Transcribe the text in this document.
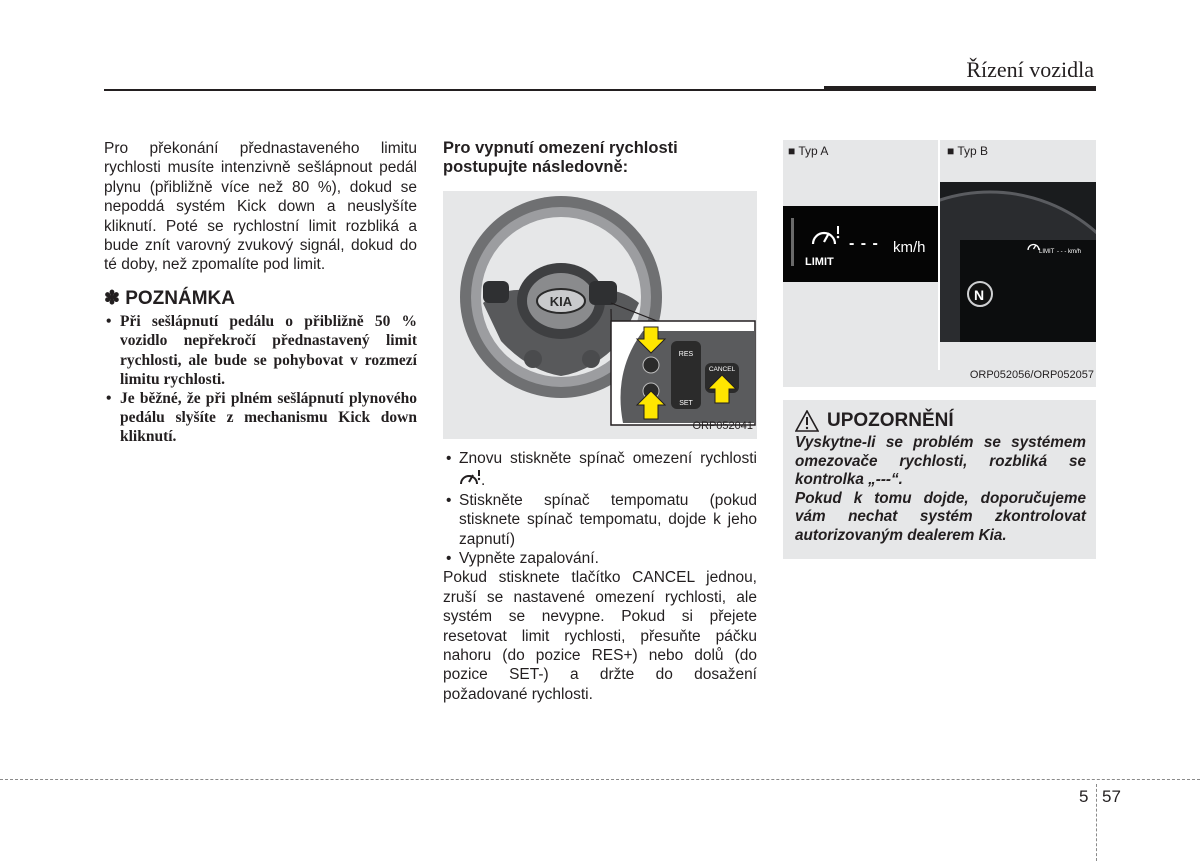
Řízení vozidla

Pro překonání přednastaveného limitu rychlosti musíte intenzivně sešlápnout pedál plynu (přibližně více než 80 %), dokud se nepoddá systém Kick down a neuslyšíte kliknutí. Poté se rychlostní limit rozbliká a bude znít varovný zvukový signál, dokud do té doby, než zpomalíte pod limit.

✽ POZNÁMKA
• Při sešlápnutí pedálu o přibližně 50 % vozidlo nepřekročí přednastavený limit rychlosti, ale bude se pohybovat v rozmezí limitu rychlosti.
• Je běžné, že při plném sešlápnutí plynového pedálu slyšíte z mechanismu Kick down kliknutí.
Pro vypnutí omezení rychlosti postupujte následovně:
KIA
RES
SET
CANCEL
ORP052041
• Znovu stiskněte spínač omezení rychlosti .
• Stiskněte spínač tempomatu (pokud stisknete spínač tempomatu, dojde k jeho zapnutí)
• Vypněte zapalování.

Pokud stisknete tlačítko CANCEL jednou, zruší se nastavené omezení rychlosti, ale systém se nevypne. Pokud si přejete resetovat limit rychlosti, přesuňte páčku nahoru (do pozice RES+) nebo dolů (do pozice SET-) a držte do dosažení požadované rychlosti.

■ Typ A	■ Typ B
LIMIT
- - - km/h	LIMIT - - - km/h
N
ORP052056/ORP052057
UPOZORNĚNÍ

Vyskytne-li se problém se systémem omezovače rychlosti, rozbliká se kontrolka „---“.

Pokud k tomu dojde, doporučujeme vám nechat systém zkontrolovat autorizovaným dealerem Kia.

5 57
